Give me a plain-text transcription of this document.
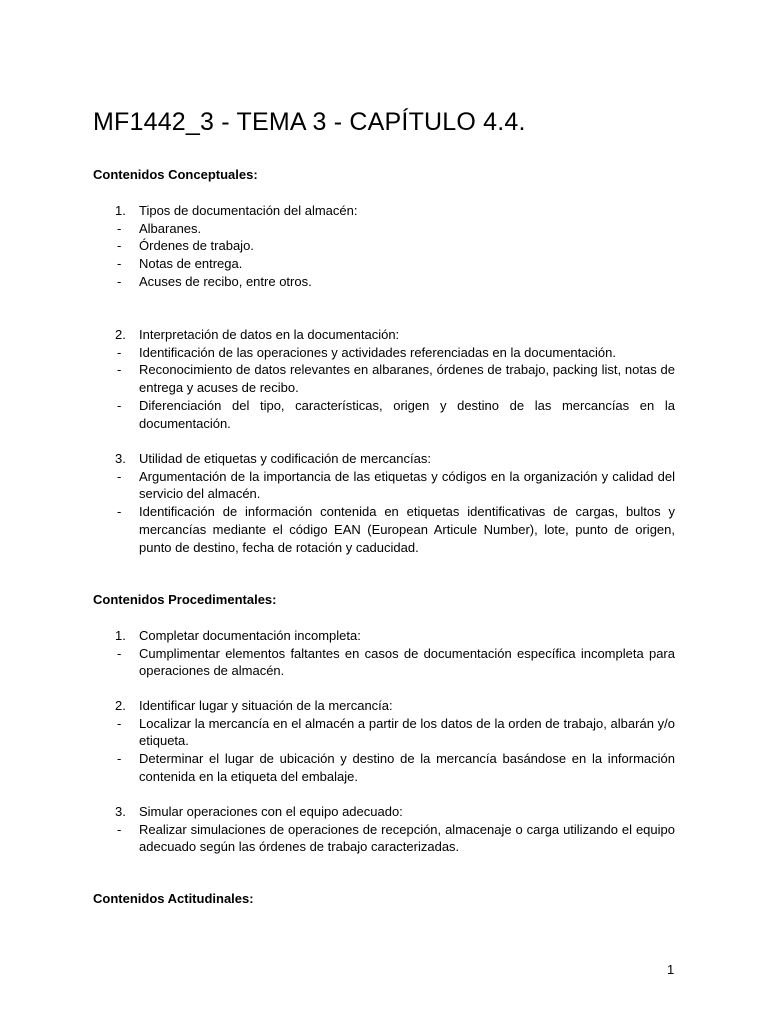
MF1442_3 - TEMA 3 - CAPÍTULO 4.4.

Contenidos Conceptuales:

1.	Tipos de documentación del almacén:
-	Albaranes.
-	Órdenes de trabajo.
-	Notas de entrega.
-	Acuses de recibo, entre otros.
2.	Interpretación de datos en la documentación:
-	Identificación de las operaciones y actividades referenciadas en la documentación.
-	Reconocimiento de datos relevantes en albaranes, órdenes de trabajo, packing list, notas de entrega y acuses de recibo.
-	Diferenciación del tipo, características, origen y destino de las mercancías en la documentación.
3.	Utilidad de etiquetas y codificación de mercancías:
-	Argumentación de la importancia de las etiquetas y códigos en la organización y calidad del servicio del almacén.
-	Identificación de información contenida en etiquetas identificativas de cargas, bultos y mercancías mediante el código EAN (European Articule Number), lote, punto de origen, punto de destino, fecha de rotación y caducidad.

Contenidos Procedimentales:

1.	Completar documentación incompleta:
-	Cumplimentar elementos faltantes en casos de documentación específica incompleta para operaciones de almacén.
2.	Identificar lugar y situación de la mercancía:
-	Localizar la mercancía en el almacén a partir de los datos de la orden de trabajo, albarán y/o etiqueta.
-	Determinar el lugar de ubicación y destino de la mercancía basándose en la información contenida en la etiqueta del embalaje.
3.	Simular operaciones con el equipo adecuado:
-	Realizar simulaciones de operaciones de recepción, almacenaje o carga utilizando el equipo adecuado según las órdenes de trabajo caracterizadas.

Contenidos Actitudinales:

1
